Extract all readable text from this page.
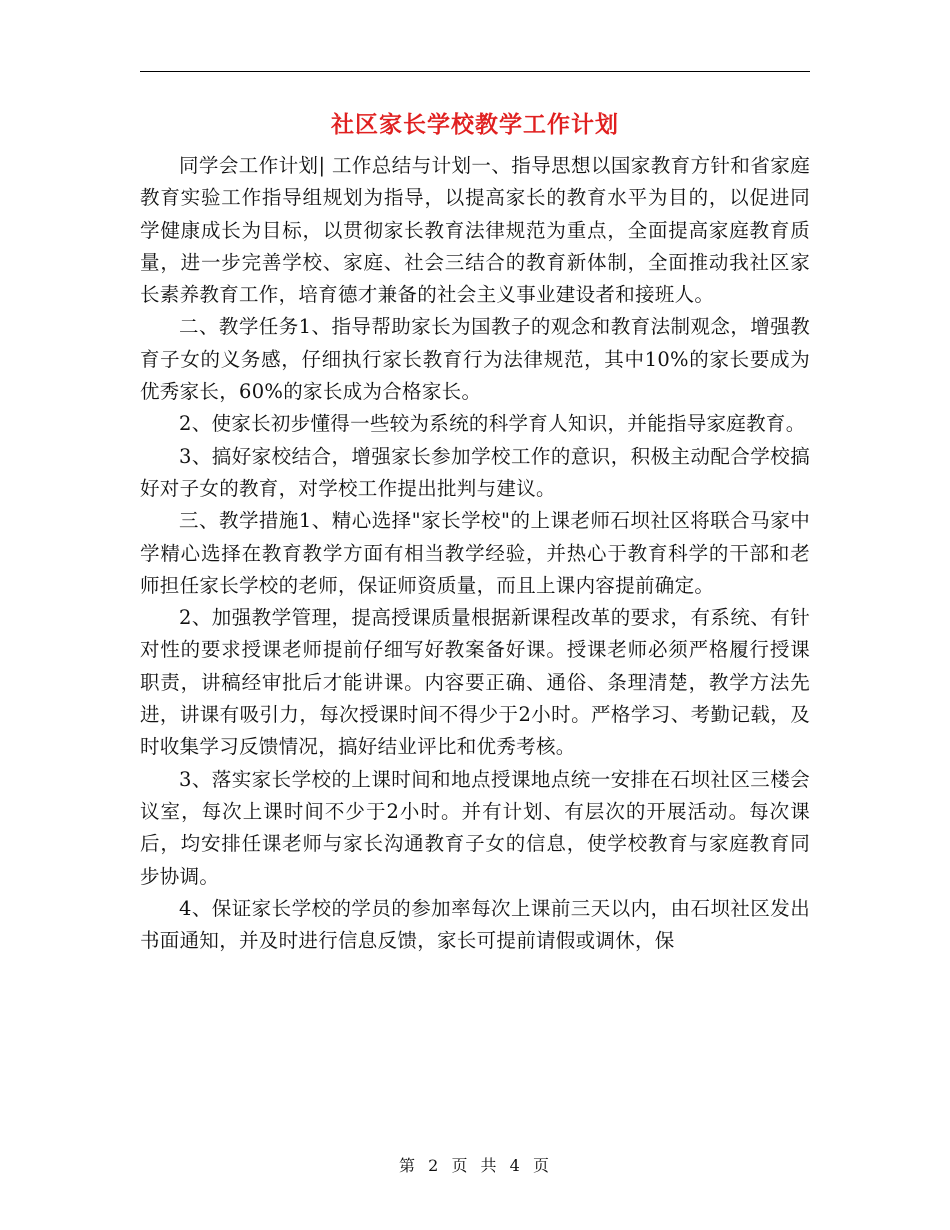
社区家长学校教学工作计划

同学会工作计划| 工作总结与计划一、指导思想以国家教育方针和省家庭教育实验工作指导组规划为指导，以提高家长的教育水平为目的，以促进同学健康成长为目标，以贯彻家长教育法律规范为重点，全面提高家庭教育质量，进一步完善学校、家庭、社会三结合的教育新体制，全面推动我社区家长素养教育工作，培育德才兼备的社会主义事业建设者和接班人。

二、教学任务1、指导帮助家长为国教子的观念和教育法制观念，增强教育子女的义务感，仔细执行家长教育行为法律规范，其中10%的家长要成为优秀家长，60%的家长成为合格家长。

2、使家长初步懂得一些较为系统的科学育人知识，并能指导家庭教育。

3、搞好家校结合，增强家长参加学校工作的意识，积极主动配合学校搞好对子女的教育，对学校工作提出批判与建议。

三、教学措施1、精心选择"家长学校"的上课老师石坝社区将联合马家中学精心选择在教育教学方面有相当教学经验，并热心于教育科学的干部和老师担任家长学校的老师，保证师资质量，而且上课内容提前确定。

2、加强教学管理，提高授课质量根据新课程改革的要求，有系统、有针对性的要求授课老师提前仔细写好教案备好课。授课老师必须严格履行授课职责，讲稿经审批后才能讲课。内容要正确、通俗、条理清楚，教学方法先进，讲课有吸引力，每次授课时间不得少于2小时。严格学习、考勤记载，及时收集学习反馈情况，搞好结业评比和优秀考核。

3、落实家长学校的上课时间和地点授课地点统一安排在石坝社区三楼会议室，每次上课时间不少于2小时。并有计划、有层次的开展活动。每次课后，均安排任课老师与家长沟通教育子女的信息，使学校教育与家庭教育同步协调。

4、保证家长学校的学员的参加率每次上课前三天以内，由石坝社区发出书面通知，并及时进行信息反馈，家长可提前请假或调休，保

第 2 页 共 4 页
